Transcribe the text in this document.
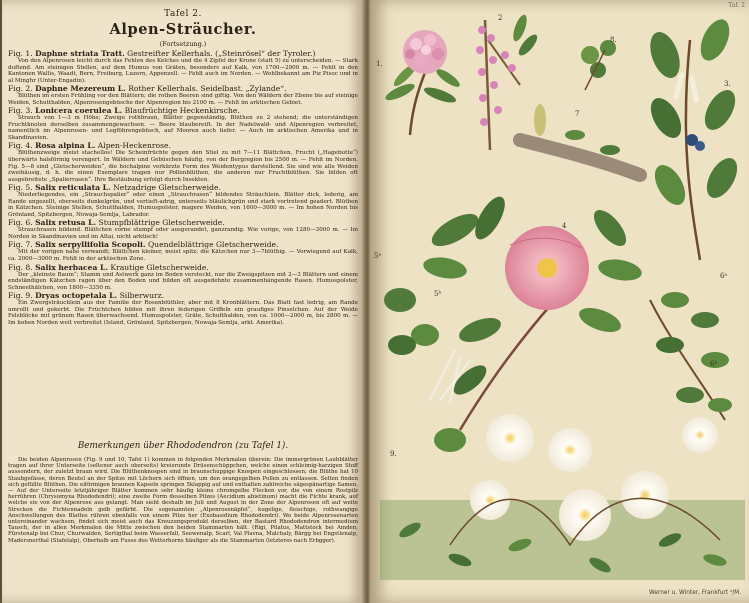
Tafel 2.
Alpen-Sträucher.
(Fortsetzung.)
Fig. 1. Daphne striata Tratt. Gestreifter Kellerhals. („Steinrösel“ der Tyroler.)
Von den Alpenrosen leicht durch das Fehlen des Kelches und die 4 Zipfel der Krone (statt 5) zu unterscheiden. — Stark duftend. Am steinigen Stellen, auf dem Humus von Gräten, besonders auf Kalk, von 1700—2900 m. — Fehlt in den Kantonen Wallis, Waadt, Bern, Freiburg, Luzern, Appenzell. — Fehlt auch im Norden. — Wohlbekannt am Piz Pisoc und in al Minghr (Unter-Engadin).
Fig. 2. Daphne Mezereum L. Rother Kellerhals. Seidelbast. „Zylande“.
Blüthen im ersten Frühling vor den Blättern; die rothen Beeren sind giftig. Von den Wäldern der Ebene bis auf steinige Weiden, Schutthalden, Alpenrosengebüsche der Alpenregion bis 2100 m. — Fehlt im arktischen Gebiet.
Fig. 3. Lonicera coerulea L. Blaufrüchtige Heckenkirsche.
Strauch von 1—3 m Höhe; Zweige rothbraun, Blätter gegenständig, Blüthen zu 2 stehend; die unterständigen Fruchtknoten derselben zusammengewachsen. — Beere blaubereift. In der Nadelwald- und Alpenregion verbreitet, namentlich im Alpenrosen- und Legföhrengebüsch, auf Mooren auch tiefer. — Auch im arktischen Amerika und in Skandinavien.
Fig. 4. Rosa alpina L. Alpen-Heckenrose.
Blüthenzweige meist stachellos! Die Scheinfrüchte gegen den Stiel zu mit 7—11 Blättchen, Frucht („Hagebutte“) überwärts halsförmig verengert. In Wäldern und Gebüschen häufig, von der Bergregion bis 2500 m. — Fehlt im Norden. Fig. 5—8 sind „Gletscherweiden“, die hochalpine verkürzte Form des Weidentypus darstellend. Sie sind wie alle Weiden zweihäusig, d. h. die einen Exemplare tragen nur Pollenblüthen, die anderen nur Fruchtblüthen. Sie bilden oft ausgebreitete „Spalierrasen“. Ihre Bestäubung erfolgt durch Insekten.
Fig. 5. Salix reticulata L. Netzadrige Gletscherweide.
Niederliegendes, ein „Strauchspalier“ oder einen „Strauchrasen“ bildendes Sträuchlein. Blätter dick, lederig, am Rande ungezellt, oberseits dunkelgrün, und vertieft-adrig, unterseits bläulichgrün und stark vortretend geadert. Blüthen in Kätzchen. Steinige Stellen, Schutthalden, Humuspolster, magere Weiden, von 1600—3000 m. — Im hohen Norden bis Grönland, Spitzbergen, Nowaja-Semlja, Labrador.
Fig. 6. Salix retusa L. Stumpfblättrige Gletscherweide.
Strauchrasen bildend. Blättchen vorne stumpf oder ausgerandet, ganzrandig. Wie vorige, von 1280—3000 m. — Im Norden in Skandinavien und im Altai, nicht arktisch!
Fig. 7. Salix serpyllifolia Scopoli. Quendelblättrige Gletscherweide.
Mit der vorigen nahe verwandt; Blättchen kleiner, meist spitz; die Kätzchen nur 3—7blüthig. — Vorwiegend auf Kalk, ca. 2000—3000 m. Fehlt in der arktischen Zone.
Fig. 8. Salix herbacea L. Krautige Gletscherweide.
Der „kleinste Baum“; Stamm und Astwerk ganz im Boden versteckt, nur die Zweigspitzen mit 2—3 Blättern und einem endständigen Kätzchen ragen über den Boden und bilden oft ausgedehnte zusammenhängende Rasen. Humuspolster, Schneethälchen, von 1800—3350 m.
Fig. 9. Dryas octopetala L. Silberwurz.
Ein Zwergsträuchlein aus der Familie der Rosenblüthler, aber mit 8 Kronblättern. Das Blatt fast ledrig, am Rande umrollt und gekerbt. Die Früchtchen bilden mit ihren federigen Griffeln ein graufiges Pinselchen. Auf der Weide Felsblöcke mit grünem Rasen überwachsend. Humuspolster, Gräte, Schutthalden, von ca. 1000—2000 m, bis 2800 m. — Im hohen Norden weit verbreitet (Island, Grönland, Spitzbergen, Nowaja-Semlja, arkt. Amerika).
Bemerkungen über Rhododendron (zu Tafel 1).
Die beiden Alpenrosen (Fig. 9 und 10, Tafel 1) kommen in folgenden Merkmalen überein: Die immergrünen Laubblätter tragen auf ihrer Unterseite (seltener auch oberseits) kreisrunde Drüsenschüppchen, welche einen schleimig-harzigen Stoff aussondern, der zuletzt braun wird. Die Blüthenknospen sind in braunschuppige Knospen eingeschlossen; die Blüthe hat 10 Staubgefässe, deren Beutel an der Spitze mit Löchern sich öffnen, um den orangegelben Pollen zu entlassen. Selten finden sich gefüllte Blüthen. Die eiförmigen braunen Kapseln springen 5klappig auf und enthalten zahlreiche sägespänartige Samen. — Auf der Unterseite letztjähriger Blätter kommen sehr häufig kleine chromgelbe Flecken vor, die von einem Rostpilz herrühren (Chrysomyxa Rhododendri); eine zweite Form desselben Pilzes (Aecidium abietinum) macht die Fichte krank, auf welche sie von der Alpenrose aus gelangt. Man sieht deshalb im Juli und August in der Zone der Alpenrosen oft auf weite Strecken die Fichtennadeln gelb gefärbt. Die sogenannten „Alpenrosenäpfel“, kugelige, fleischige, rothwangige Anschwellungen des Blattes rühren ebenfalls von einem Pilze her (Exobasidium Rhododendri). Wo beide Alpenrosenarten untereinander wachsen, findet sich meist auch das Kreuzungsprodukt derselben, der Bastard Rhododendron intermedium Tausch, der in allen Merkmalen die Mitte zwischen den beiden Stammarten hält. (Rigi, Pilatus, Mattstock bei Amden, Fürstenalp bei Chur, Churwalden, Sertigthal beim Wasserfall, Seewenalp, Scarl, Val Plavna, Malchaly, Bärgg bei Engstlenalp, Madersnerthal (Stafelalp), Oberhalb am Fusse des Wetterhorns häufiger als die Stammarten (letzteres nach Erbgger).
Taf. 2
1.
2
3.
4
5ᵃ
5ᵇ
6ᵃ
6ᵇ
7
8.
9.
Werner u. Winter, Frankfurt ᵃ/M.
